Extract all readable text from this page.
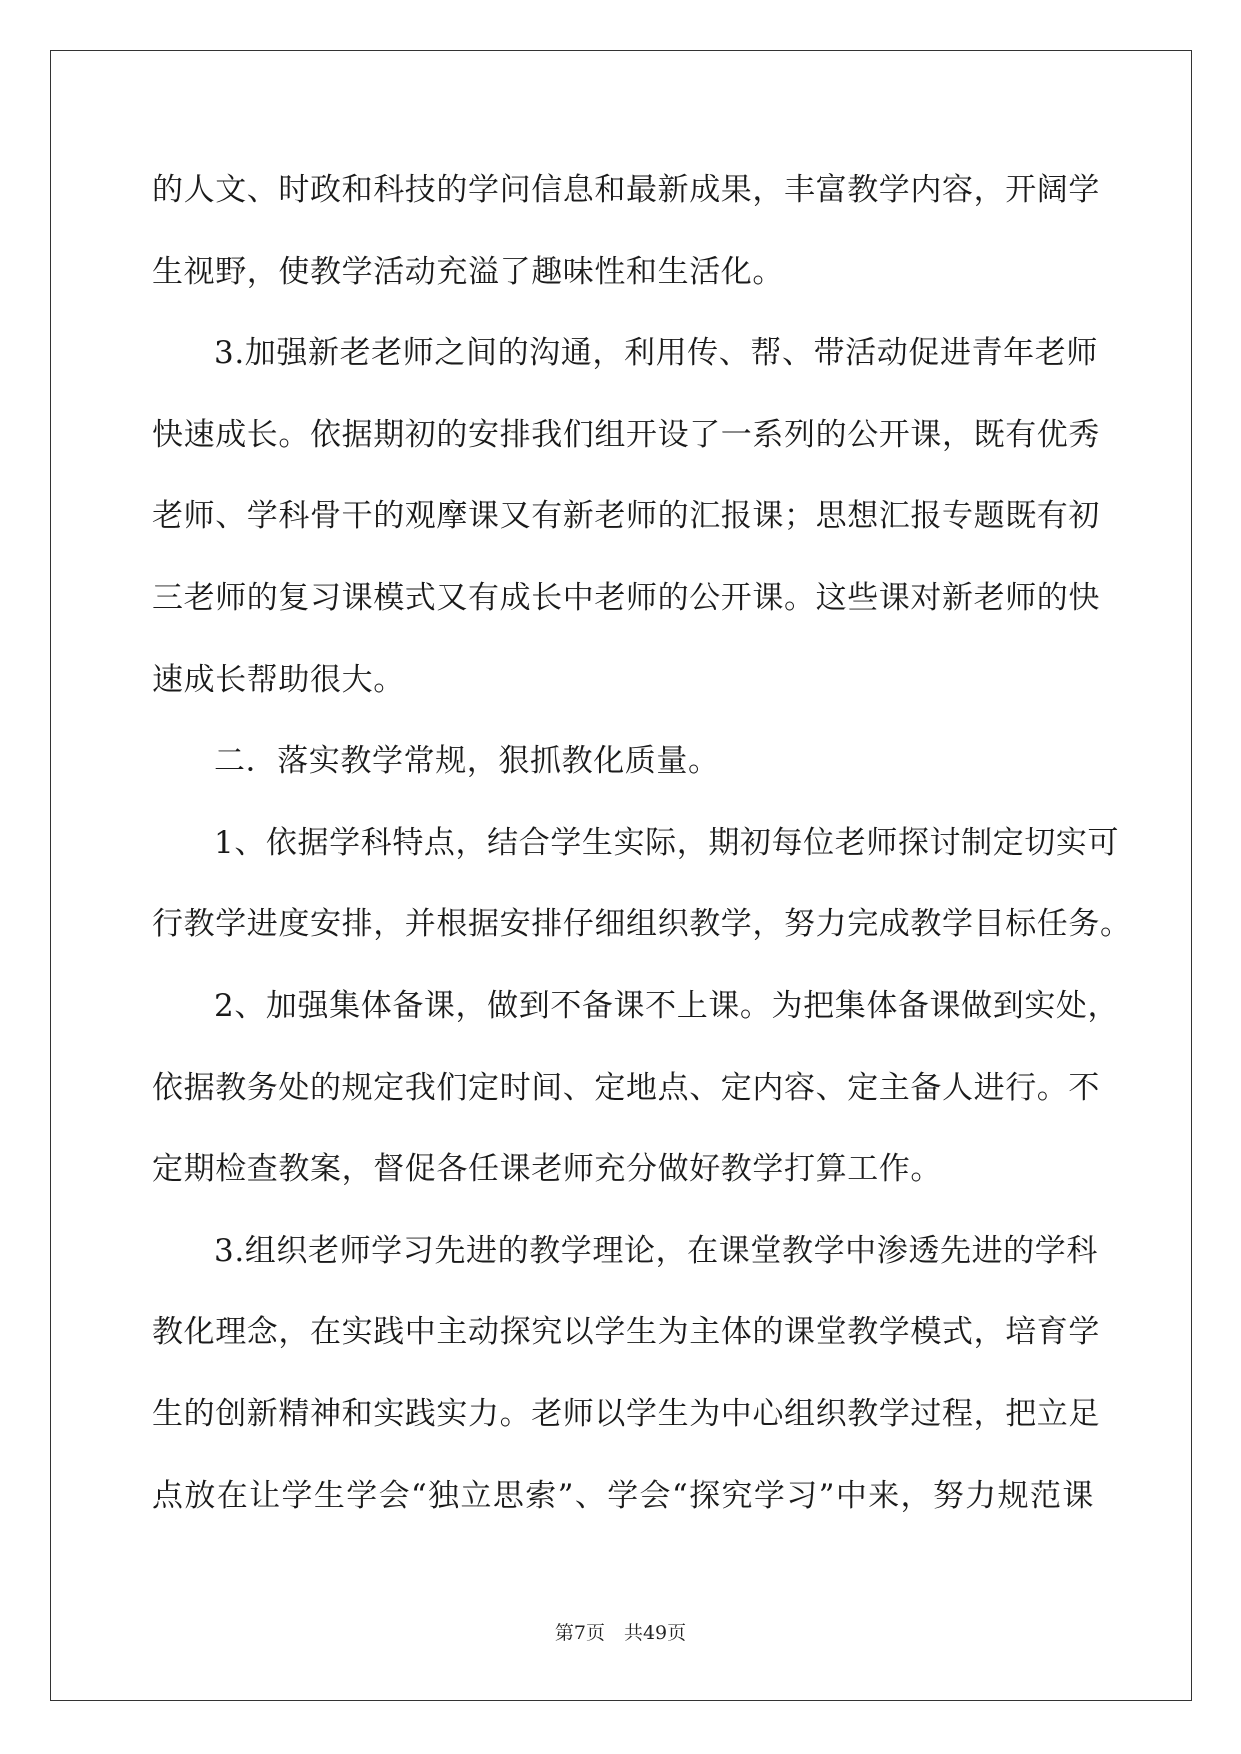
的人文、时政和科技的学问信息和最新成果，丰富教学内容，开阔学
生视野，使教学活动充溢了趣味性和生活化。
3.加强新老老师之间的沟通，利用传、帮、带活动促进青年老师
快速成长。依据期初的安排我们组开设了一系列的公开课，既有优秀
老师、学科骨干的观摩课又有新老师的汇报课；思想汇报专题既有初
三老师的复习课模式又有成长中老师的公开课。这些课对新老师的快
速成长帮助很大。
二．落实教学常规，狠抓教化质量。
1、依据学科特点，结合学生实际，期初每位老师探讨制定切实可
行教学进度安排，并根据安排仔细组织教学，努力完成教学目标任务。
2、加强集体备课，做到不备课不上课。为把集体备课做到实处，
依据教务处的规定我们定时间、定地点、定内容、定主备人进行。不
定期检查教案，督促各任课老师充分做好教学打算工作。
3.组织老师学习先进的教学理论，在课堂教学中渗透先进的学科
教化理念，在实践中主动探究以学生为主体的课堂教学模式，培育学
生的创新精神和实践实力。老师以学生为中心组织教学过程，把立足
点放在让学生学会“独立思索”、学会“探究学习”中来，努力规范课
第7页　共49页
